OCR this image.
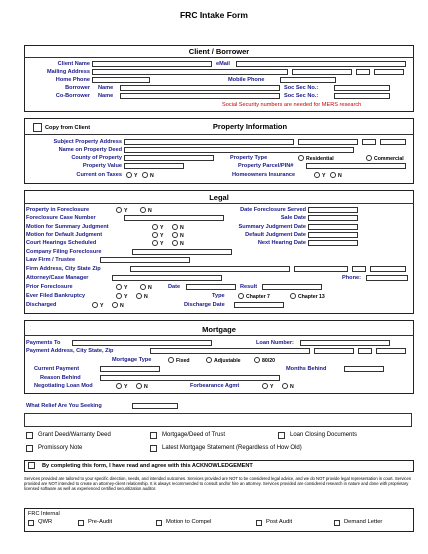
FRC Intake Form
Client / Borrower
Client Name	eMail
Mailing Address
Home Phone	Mobile Phone
Borrower Name	Soc Sec No.:
Co-Borrower Name	Soc Sec No.:
Social Security numbers are needed for MERS research
Copy from Client	Property Information
Subject Property Address
Name on Property Deed
County of Property	Property Type	Residential	Commercial
Property Value	Property Parcel/PIN#
Current on Taxes Y N	Homeowners Insurance	Y N
Legal
Property in Foreclosure	Y	N	Date Foreclosure Served
Foreclosure Case Number	Sale Date
Motion for Summary Judgment	Y	N	Summary Judgment Date
Motion for Default Judgment	Y	N	Default Judgment Date
Court Hearings Scheduled	Y	N	Next Hearing Date
Company Filing Foreclosure
Law Firm / Trustee
Firm Address, City State Zip
Attorney/Case Manager	Phone:
Prior Foreclosure	Y	N	Date	Result
Ever Filed Bankruptcy	Y	N	Type	Chapter 7	Chapter 13
Discharged	Y	N	Discharge Date
Mortgage
Payments To	Loan Number:
Payment Address, City State, Zip
Mortgage Type	Fixed	Adjustable	80/20
Current Payment	Months Behind
Reason Behind
Negotiating Loan Mod	Y	N	Forbearance Agmt	Y	N
What Relief Are You Seeking
Grant Deed/Warranty Deed	Mortgage/Deed of Trust	Loan Closing Documents
Promissory Note	Latest Mortgage Statement (Regardless of How Old)
By completing this form, I have read and agree with this ACKNOWLEDGEMENT
Services provided are tailored to your specific direction, needs, and intended outcomes. Services provided are NOT to be considered legal advice, and we do NOT provide legal representation in court. Services provided are NOT intended to create an attorney-client relationship. It is always recommended to consult and/or hire an attorney. Services provided are considered research in nature and done with proprietary licensed software as well as experienced certified securitization auditor.
FRC Internal
QWR	Pre-Audit	Motion to Compel	Post Audit	Demand Letter
